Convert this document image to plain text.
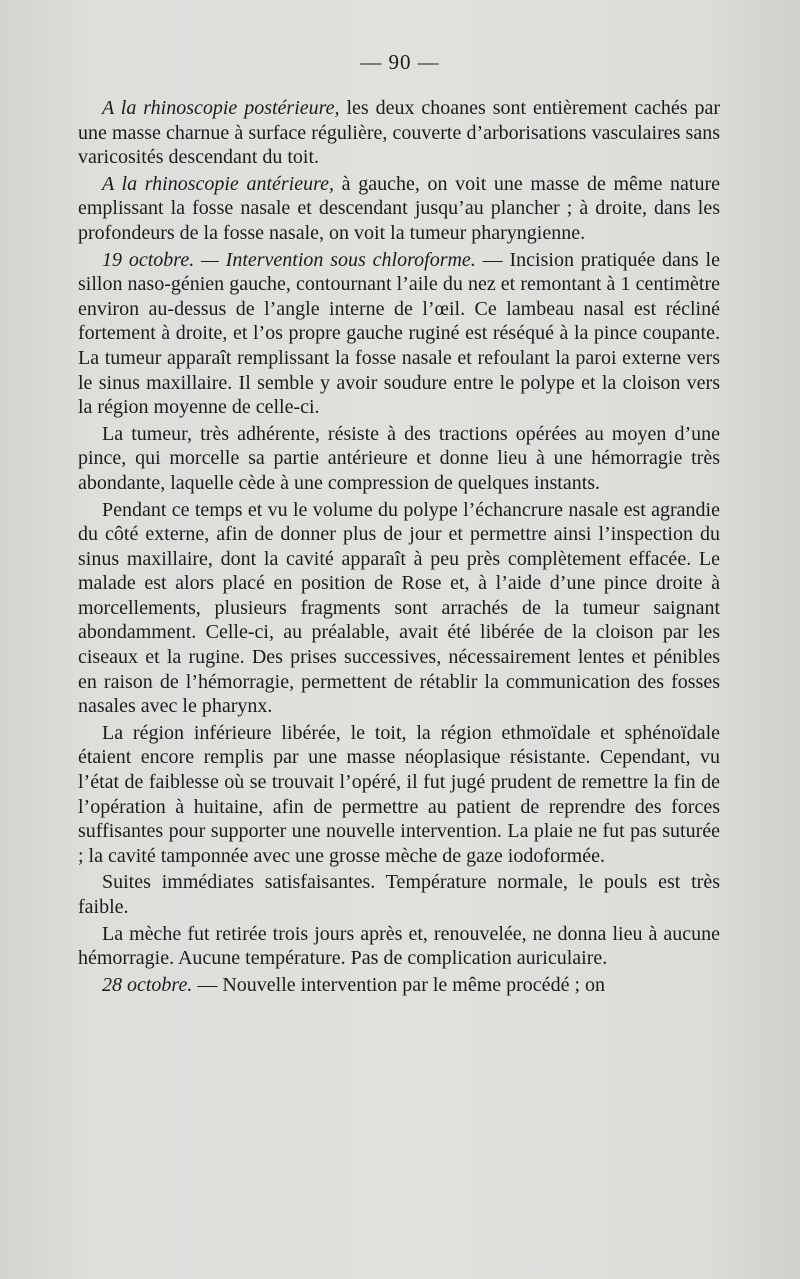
— 90 —

A la rhinoscopie postérieure, les deux choanes sont entièrement cachés par une masse charnue à surface régulière, couverte d’arborisations vasculaires sans varicosités descendant du toit.

A la rhinoscopie antérieure, à gauche, on voit une masse de même nature emplissant la fosse nasale et descendant jusqu’au plancher ; à droite, dans les profondeurs de la fosse nasale, on voit la tumeur pharyngienne.

19 octobre. — Intervention sous chloroforme. — Incision pratiquée dans le sillon naso-génien gauche, contournant l’aile du nez et remontant à 1 centimètre environ au-dessus de l’angle interne de l’œil. Ce lambeau nasal est récliné fortement à droite, et l’os propre gauche ruginé est réséqué à la pince coupante. La tumeur apparaît remplissant la fosse nasale et refoulant la paroi externe vers le sinus maxillaire. Il semble y avoir soudure entre le polype et la cloison vers la région moyenne de celle-ci.

La tumeur, très adhérente, résiste à des tractions opérées au moyen d’une pince, qui morcelle sa partie antérieure et donne lieu à une hémorragie très abondante, laquelle cède à une compression de quelques instants.

Pendant ce temps et vu le volume du polype l’échancrure nasale est agrandie du côté externe, afin de donner plus de jour et permettre ainsi l’inspection du sinus maxillaire, dont la cavité apparaît à peu près complètement effacée. Le malade est alors placé en position de Rose et, à l’aide d’une pince droite à morcellements, plusieurs fragments sont arrachés de la tumeur saignant abondamment. Celle-ci, au préalable, avait été libérée de la cloison par les ciseaux et la rugine. Des prises successives, nécessairement lentes et pénibles en raison de l’hémorragie, permettent de rétablir la communication des fosses nasales avec le pharynx.

La région inférieure libérée, le toit, la région ethmoïdale et sphénoïdale étaient encore remplis par une masse néoplasique résistante. Cependant, vu l’état de faiblesse où se trouvait l’opéré, il fut jugé prudent de remettre la fin de l’opération à huitaine, afin de permettre au patient de reprendre des forces suffisantes pour supporter une nouvelle intervention. La plaie ne fut pas suturée ; la cavité tamponnée avec une grosse mèche de gaze iodoformée.

Suites immédiates satisfaisantes. Température normale, le pouls est très faible.

La mèche fut retirée trois jours après et, renouvelée, ne donna lieu à aucune hémorragie. Aucune température. Pas de complication auriculaire.

28 octobre. — Nouvelle intervention par le même procédé ; on
